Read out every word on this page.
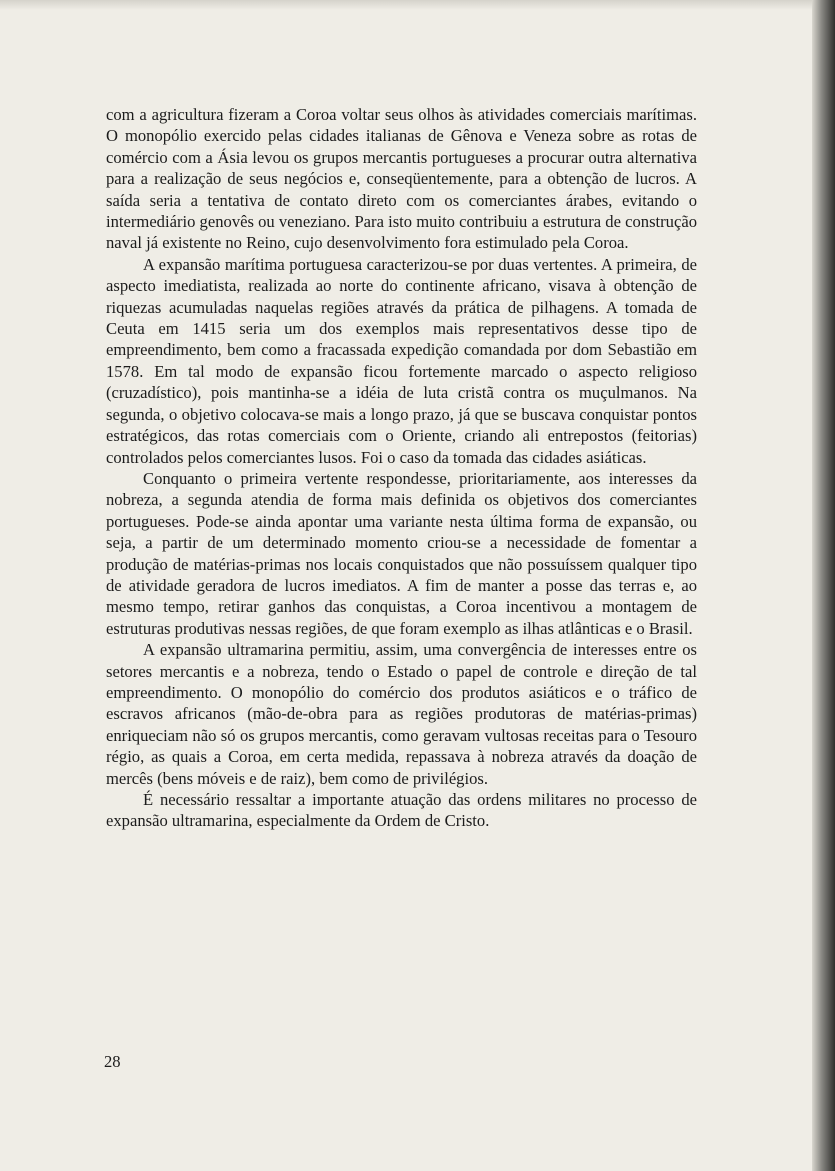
com a agricultura fizeram a Coroa voltar seus olhos às atividades comerciais marítimas. O monopólio exercido pelas cidades italianas de Gênova e Veneza sobre as rotas de comércio com a Ásia levou os grupos mercantis portugueses a procurar outra alternativa para a realização de seus negócios e, conseqüentemente, para a obtenção de lucros. A saída seria a tentativa de contato direto com os comerciantes árabes, evitando o intermediário genovês ou veneziano. Para isto muito contribuiu a estrutura de construção naval já existente no Reino, cujo desenvolvimento fora estimulado pela Coroa.

A expansão marítima portuguesa caracterizou-se por duas vertentes. A primeira, de aspecto imediatista, realizada ao norte do continente africano, visava à obtenção de riquezas acumuladas naquelas regiões através da prática de pilhagens. A tomada de Ceuta em 1415 seria um dos exemplos mais representativos desse tipo de empreendimento, bem como a fracassada expedição comandada por dom Sebastião em 1578. Em tal modo de expansão ficou fortemente marcado o aspecto religioso (cruzadístico), pois mantinha-se a idéia de luta cristã contra os muçulmanos. Na segunda, o objetivo colocava-se mais a longo prazo, já que se buscava conquistar pontos estratégicos, das rotas comerciais com o Oriente, criando ali entrepostos (feitorias) controlados pelos comerciantes lusos. Foi o caso da tomada das cidades asiáticas.

Conquanto o primeira vertente respondesse, prioritariamente, aos interesses da nobreza, a segunda atendia de forma mais definida os objetivos dos comerciantes portugueses. Pode-se ainda apontar uma variante nesta última forma de expansão, ou seja, a partir de um determinado momento criou-se a necessidade de fomentar a produção de matérias-primas nos locais conquistados que não possuíssem qualquer tipo de atividade geradora de lucros imediatos. A fim de manter a posse das terras e, ao mesmo tempo, retirar ganhos das conquistas, a Coroa incentivou a montagem de estruturas produtivas nessas regiões, de que foram exemplo as ilhas atlânticas e o Brasil.

A expansão ultramarina permitiu, assim, uma convergência de interesses entre os setores mercantis e a nobreza, tendo o Estado o papel de controle e direção de tal empreendimento. O monopólio do comércio dos produtos asiáticos e o tráfico de escravos africanos (mão-de-obra para as regiões produtoras de matérias-primas) enriqueciam não só os grupos mercantis, como geravam vultosas receitas para o Tesouro régio, as quais a Coroa, em certa medida, repassava à nobreza através da doação de mercês (bens móveis e de raiz), bem como de privilégios.

É necessário ressaltar a importante atuação das ordens militares no processo de expansão ultramarina, especialmente da Ordem de Cristo.

28
